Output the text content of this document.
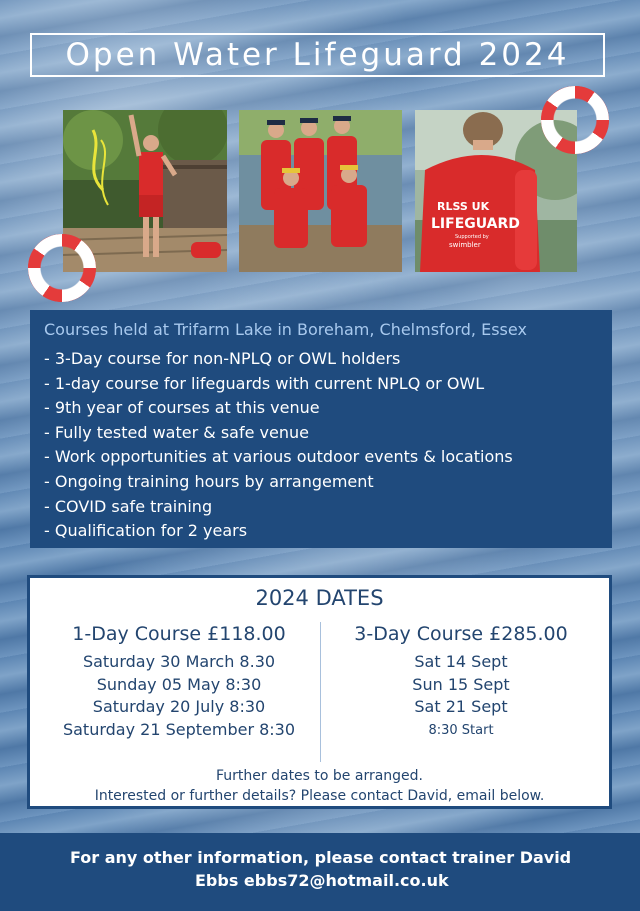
Open Water Lifeguard 2024
RLSS UK
LIFEGUARD
Supported by
swimbler
Courses held at Trifarm Lake in Boreham, Chelmsford, Essex
- 3-Day course for non-NPLQ or OWL holders
- 1-day course for lifeguards with current NPLQ or OWL
- 9th year of courses at this venue
- Fully tested water & safe venue
- Work opportunities at various outdoor events & locations
- Ongoing training hours by arrangement
- COVID safe training
- Qualification for 2 years
2024 DATES
1-Day Course £118.00
Saturday 30 March 8.30
Sunday 05 May 8:30
Saturday 20 July 8:30
Saturday 21 September 8:30
3-Day Course £285.00
Sat 14 Sept
Sun 15 Sept
Sat 21 Sept
8:30 Start
Further dates to be arranged.
Interested or further details? Please contact David, email below.
For any other information, please contact trainer David
Ebbs ebbs72@hotmail.co.uk
